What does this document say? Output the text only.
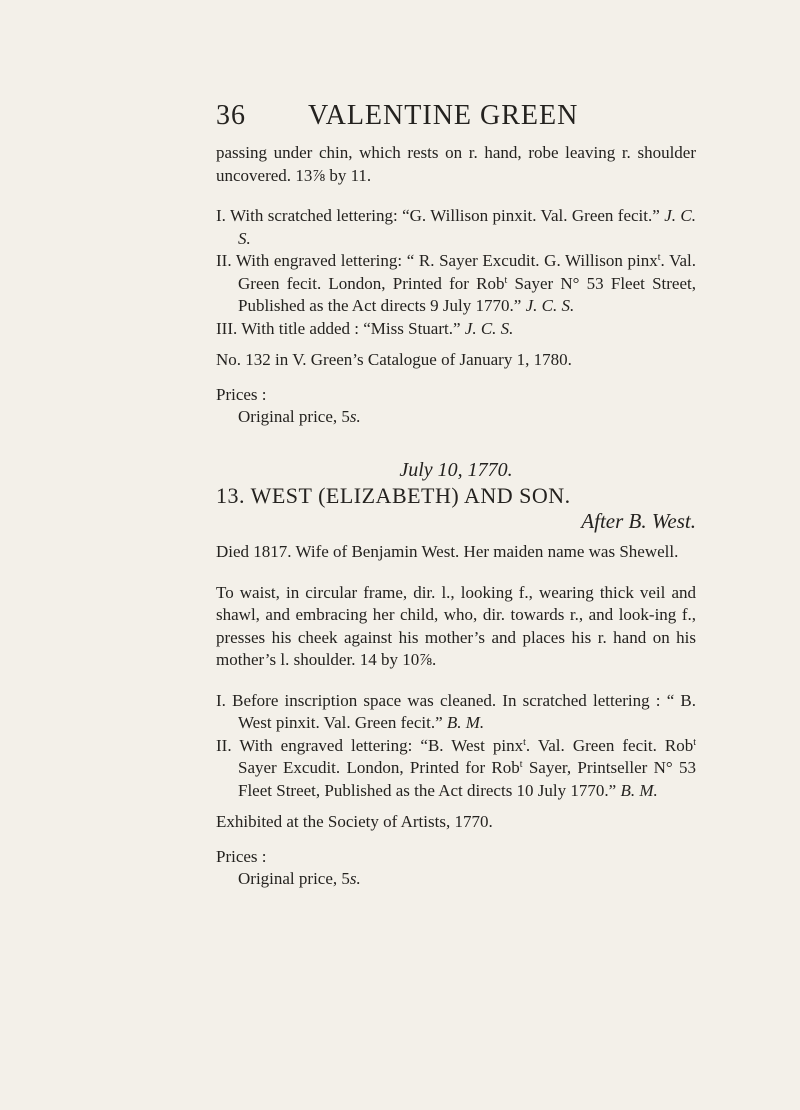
36 VALENTINE GREEN

passing under chin, which rests on r. hand, robe leaving r. shoulder uncovered. 13⅞ by 11.

I. With scratched lettering: “G. Willison pinxit. Val. Green fecit.” J. C. S.

II. With engraved lettering: “ R. Sayer Excudit. G. Willison pinx$^t$. Val. Green fecit. London, Printed for Rob$^t$ Sayer N° 53 Fleet Street, Published as the Act directs 9 July 1770.” J. C. S.

III. With title added : “Miss Stuart.” J. C. S.

No. 132 in V. Green’s Catalogue of January 1, 1780.

Prices :

Original price, 5s.

July 10, 1770.

13. WEST (ELIZABETH) AND SON.

After B. West.

Died 1817. Wife of Benjamin West. Her maiden name was Shewell.

To waist, in circular frame, dir. l., looking f., wearing thick veil and shawl, and embracing her child, who, dir. towards r., and look-ing f., presses his cheek against his mother’s and places his r. hand on his mother’s l. shoulder. 14 by 10⅞.

I. Before inscription space was cleaned. In scratched lettering : “ B. West pinxit. Val. Green fecit.” B. M.

II. With engraved lettering: “B. West pinx$^t$. Val. Green fecit. Rob$^t$ Sayer Excudit. London, Printed for Rob$^t$ Sayer, Printseller N° 53 Fleet Street, Published as the Act directs 10 July 1770.” B. M.

Exhibited at the Society of Artists, 1770.

Prices :

Original price, 5s.
